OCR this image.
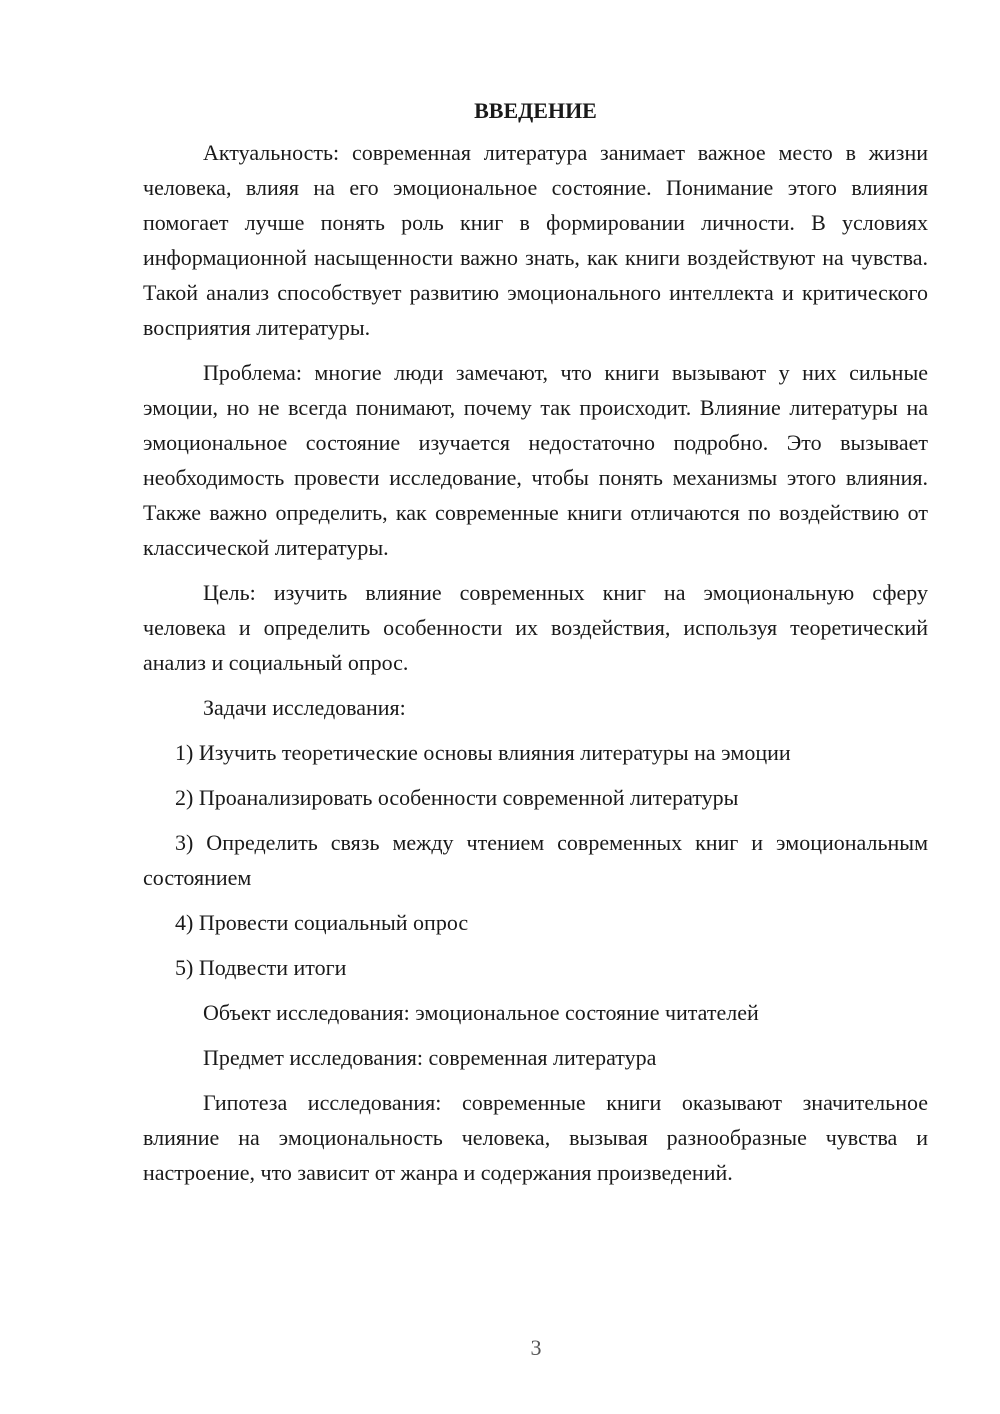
ВВЕДЕНИЕ

Актуальность: современная литература занимает важное место в жизни человека, влияя на его эмоциональное состояние. Понимание этого влияния помогает лучше понять роль книг в формировании личности. В условиях информационной насыщенности важно знать, как книги воздействуют на чувства. Такой анализ способствует развитию эмоционального интеллекта и критического восприятия литературы.

Проблема: многие люди замечают, что книги вызывают у них сильные эмоции, но не всегда понимают, почему так происходит. Влияние литературы на эмоциональное состояние изучается недостаточно подробно. Это вызывает необходимость провести исследование, чтобы понять механизмы этого влияния. Также важно определить, как современные книги отличаются по воздействию от классической литературы.

Цель: изучить влияние современных книг на эмоциональную сферу человека и определить особенности их воздействия, используя теоретический анализ и социальный опрос.

Задачи исследования:

1) Изучить теоретические основы влияния литературы на эмоции

2) Проанализировать особенности современной литературы

3) Определить связь между чтением современных книг и эмоциональным состоянием

4) Провести социальный опрос

5) Подвести итоги

Объект исследования: эмоциональное состояние читателей

Предмет исследования: современная литература

Гипотеза исследования: современные книги оказывают значительное влияние на эмоциональность человека, вызывая разнообразные чувства и настроение, что зависит от жанра и содержания произведений.

3
